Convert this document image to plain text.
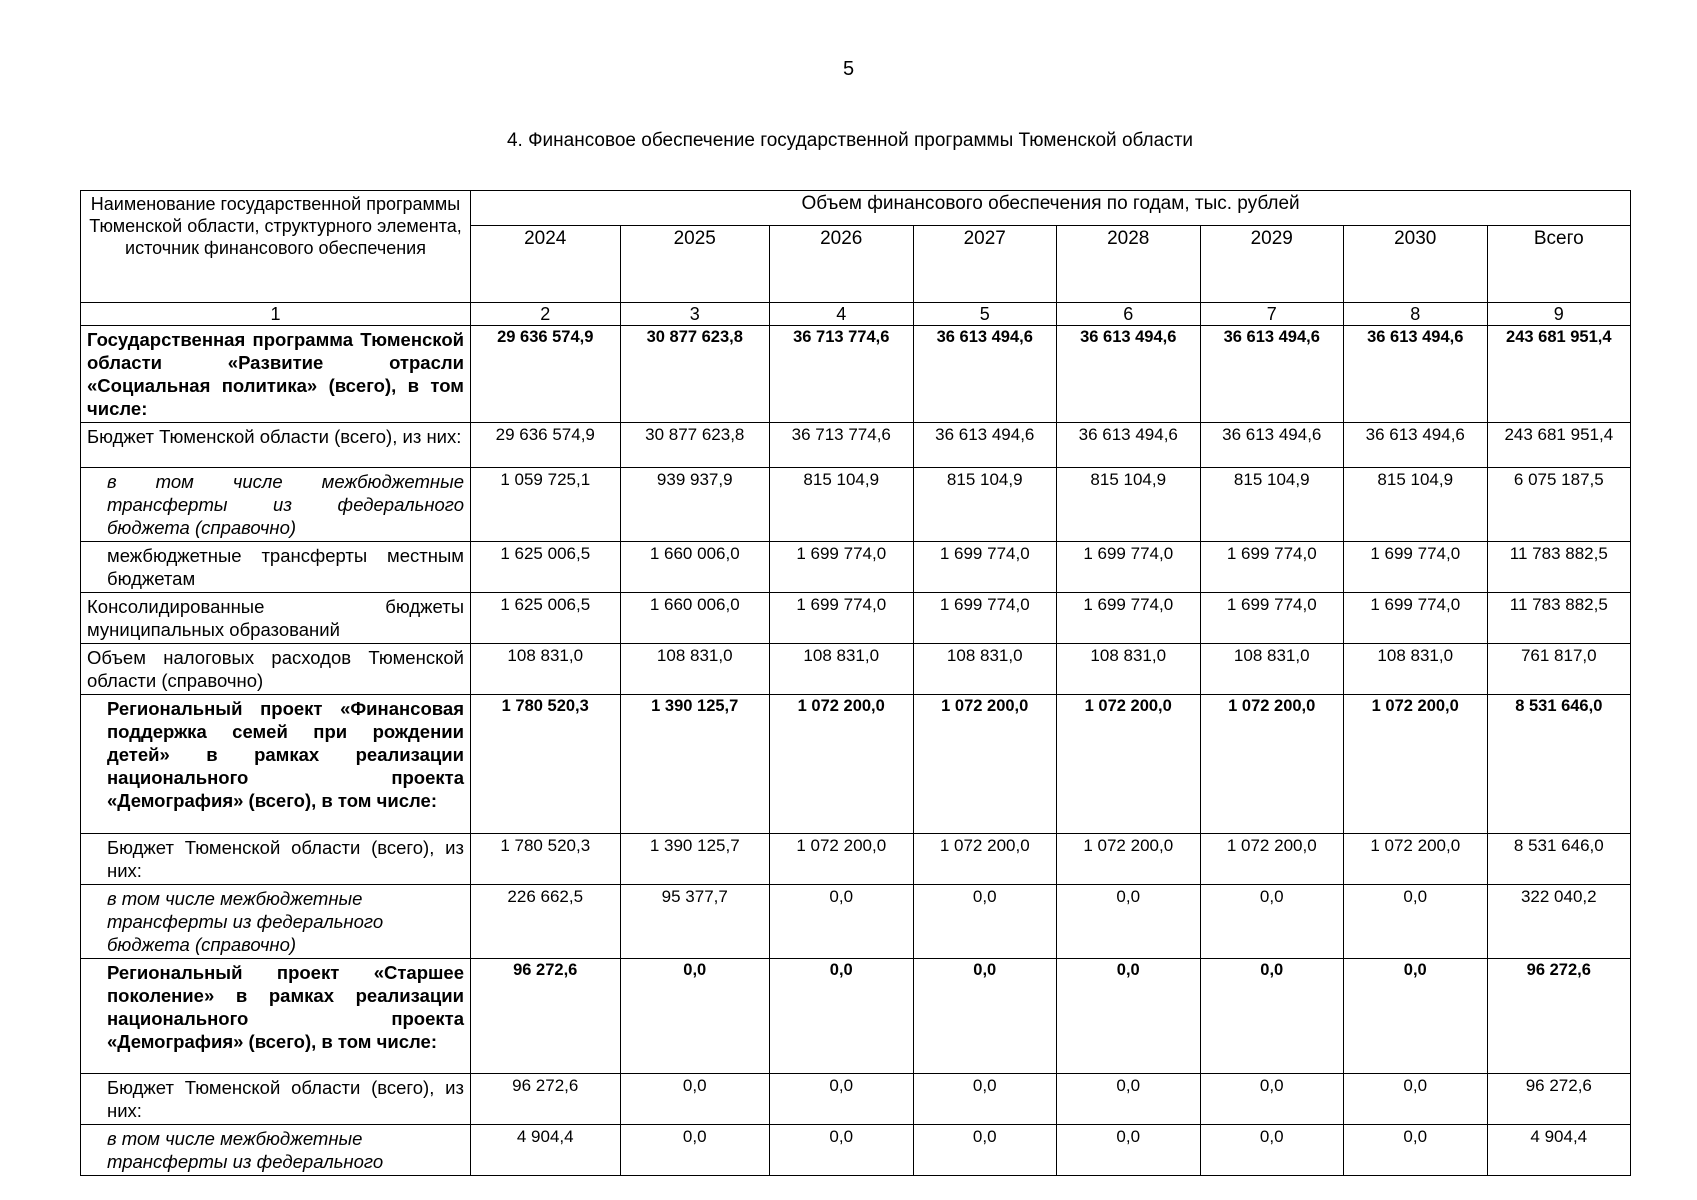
5
4. Финансовое обеспечение государственной программы Тюменской области
Наименование государственной программы Тюменской области, структурного элемента, источник финансового обеспечения	Объем финансового обеспечения по годам, тыс. рублей							
	2024	2025	2026	2027	2028	2029	2030	Всего
1	2	3	4	5	6	7	8	9
Государственная программа Тюменской области «Развитие отрасли «Социальная политика» (всего), в том числе:	29 636 574,9	30 877 623,8	36 713 774,6	36 613 494,6	36 613 494,6	36 613 494,6	36 613 494,6	243 681 951,4
Бюджет Тюменской области (всего), из них:	29 636 574,9	30 877 623,8	36 713 774,6	36 613 494,6	36 613 494,6	36 613 494,6	36 613 494,6	243 681 951,4
в том числе межбюджетные трансферты из федерального бюджета (справочно)	1 059 725,1	939 937,9	815 104,9	815 104,9	815 104,9	815 104,9	815 104,9	6 075 187,5
межбюджетные трансферты местным бюджетам	1 625 006,5	1 660 006,0	1 699 774,0	1 699 774,0	1 699 774,0	1 699 774,0	1 699 774,0	11 783 882,5
Консолидированные бюджеты муниципальных образований	1 625 006,5	1 660 006,0	1 699 774,0	1 699 774,0	1 699 774,0	1 699 774,0	1 699 774,0	11 783 882,5
Объем налоговых расходов Тюменской области (справочно)	108 831,0	108 831,0	108 831,0	108 831,0	108 831,0	108 831,0	108 831,0	761 817,0
Региональный проект «Финансовая поддержка семей при рождении детей» в рамках реализации национального проекта «Демография» (всего), в том числе:	1 780 520,3	1 390 125,7	1 072 200,0	1 072 200,0	1 072 200,0	1 072 200,0	1 072 200,0	8 531 646,0
Бюджет Тюменской области (всего), из них:	1 780 520,3	1 390 125,7	1 072 200,0	1 072 200,0	1 072 200,0	1 072 200,0	1 072 200,0	8 531 646,0
в том числе межбюджетные трансферты из федерального бюджета (справочно)	226 662,5	95 377,7	0,0	0,0	0,0	0,0	0,0	322 040,2
Региональный проект «Старшее поколение» в рамках реализации национального проекта «Демография» (всего), в том числе:	96 272,6	0,0	0,0	0,0	0,0	0,0	0,0	96 272,6
Бюджет Тюменской области (всего), из них:	96 272,6	0,0	0,0	0,0	0,0	0,0	0,0	96 272,6
в том числе межбюджетные трансферты из федерального	4 904,4	0,0	0,0	0,0	0,0	0,0	0,0	4 904,4
